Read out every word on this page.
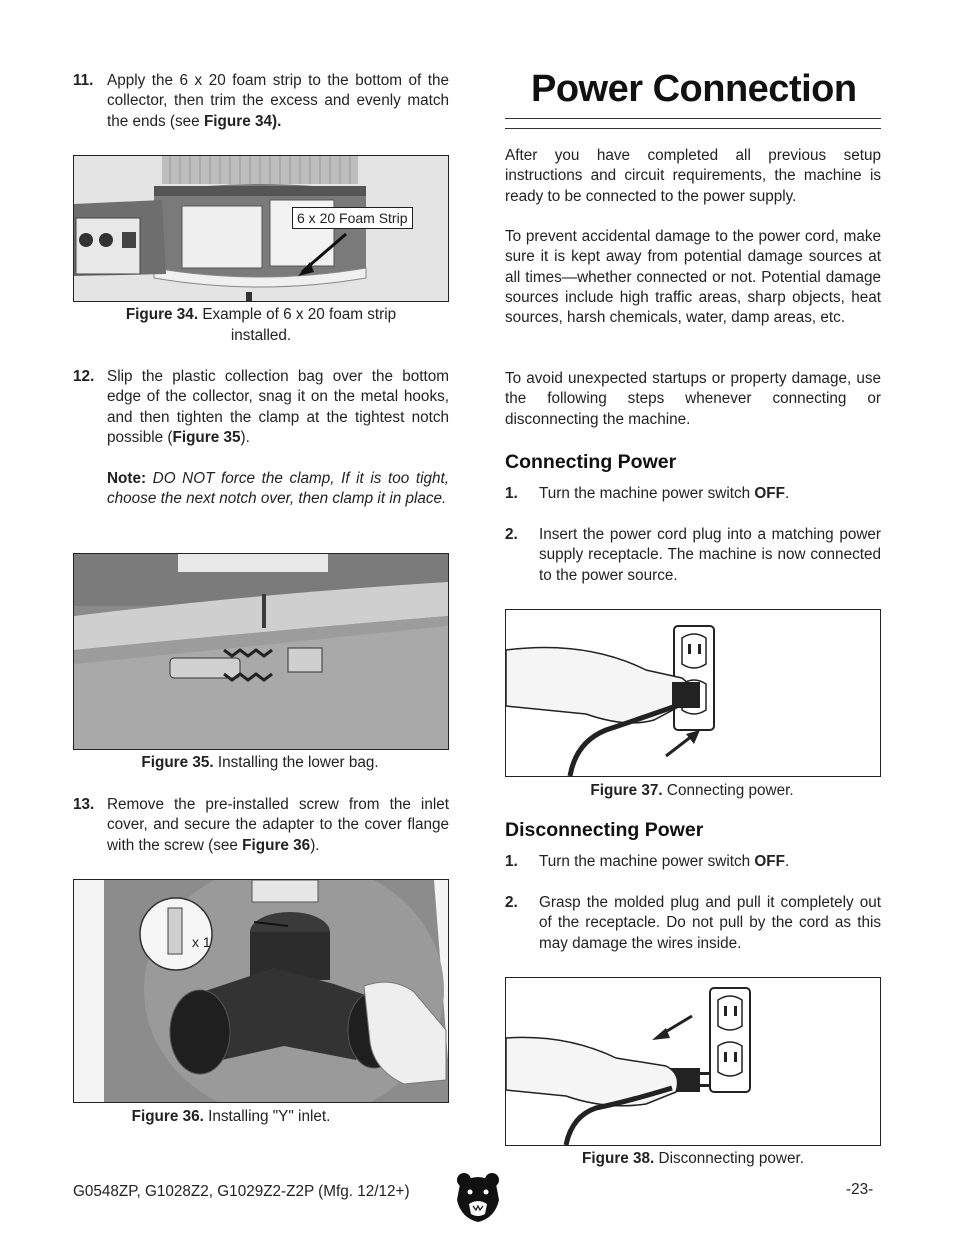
11. Apply the 6 x 20 foam strip to the bottom of the collector, then trim the excess and evenly match the ends (see Figure 34).
6 x 20 Foam Strip
Figure 34. Example of 6 x 20 foam strip installed.
12. Slip the plastic collection bag over the bottom edge of the collector, snag it on the metal hooks, and then tighten the clamp at the tightest notch possible (Figure 35).
Note: DO NOT force the clamp, If it is too tight, choose the next notch over, then clamp it in place.
Figure 35. Installing the lower bag.
13. Remove the pre-installed screw from the inlet cover, and secure the adapter to the cover flange with the screw (see Figure 36).
x 1
Figure 36. Installing "Y" inlet.
Power Connection

After you have completed all previous setup instructions and circuit requirements, the machine is ready to be connected to the power supply.

To prevent accidental damage to the power cord, make sure it is kept away from potential damage sources at all times—whether connected or not. Potential damage sources include high traffic areas, sharp objects, heat sources, harsh chemicals, water, damp areas, etc.

To avoid unexpected startups or property damage, use the following steps whenever connecting or disconnecting the machine.

Connecting Power
1.	Turn the machine power switch OFF.
2.	Insert the power cord plug into a matching power supply receptacle. The machine is now connected to the power source.
Figure 37. Connecting power.
Disconnecting Power
1.	Turn the machine power switch OFF.
2.	Grasp the molded plug and pull it completely out of the receptacle. Do not pull by the cord as this may damage the wires inside.
Figure 38. Disconnecting power.
G0548ZP, G1028Z2, G1029Z2-Z2P (Mfg. 12/12+)	-23-
